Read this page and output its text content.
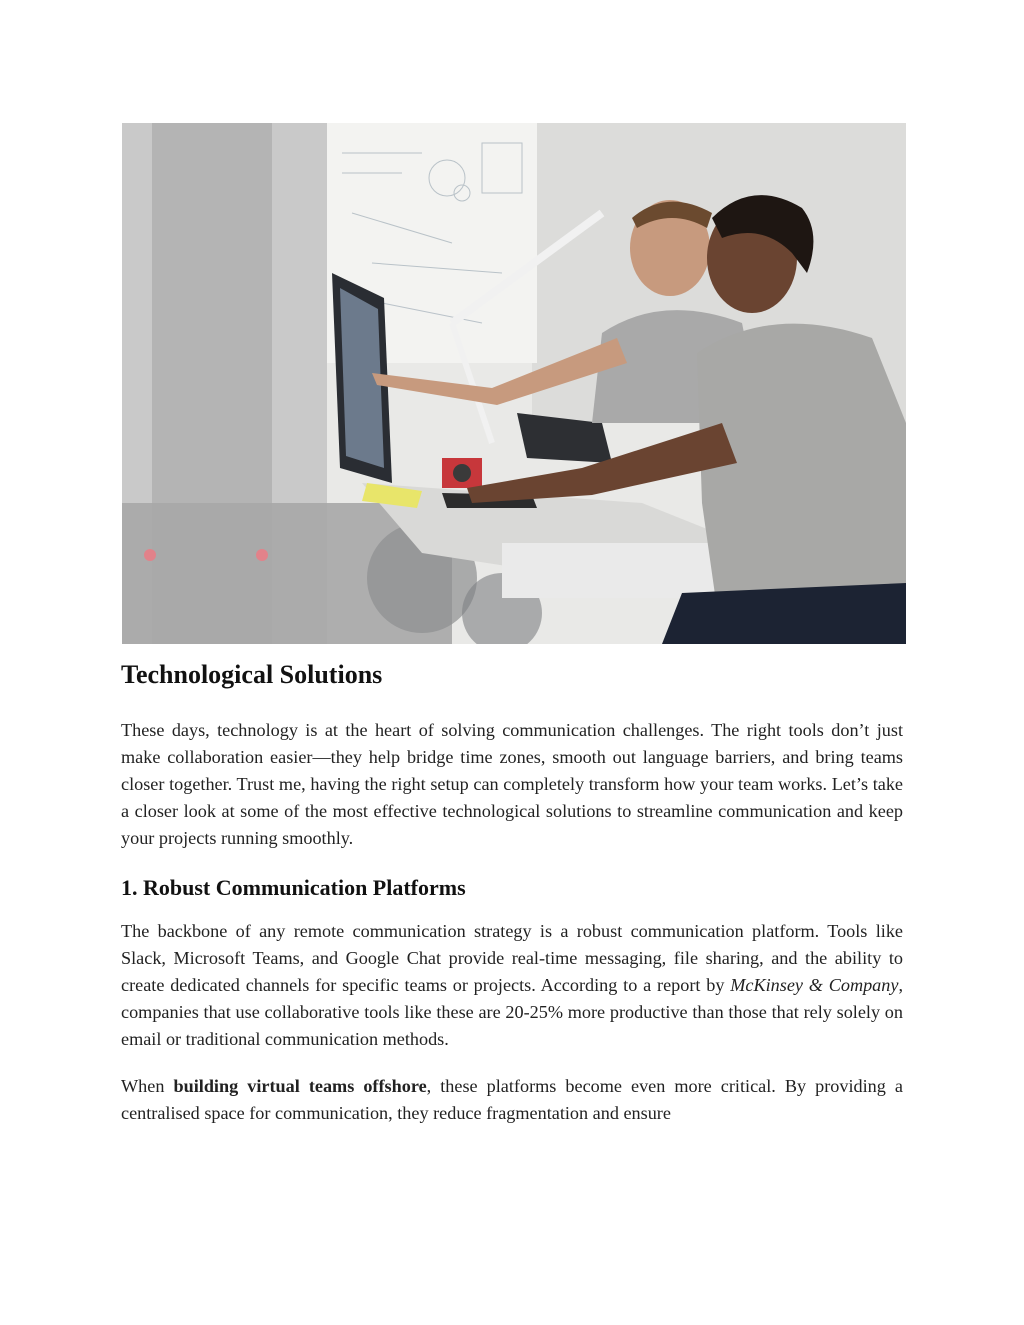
Technological Solutions

These days, technology is at the heart of solving communication challenges. The right tools don’t just make collaboration easier—they help bridge time zones, smooth out language barriers, and bring teams closer together. Trust me, having the right setup can completely transform how your team works. Let’s take a closer look at some of the most effective technological solutions to streamline communication and keep your projects running smoothly.

1. Robust Communication Platforms

The backbone of any remote communication strategy is a robust communication platform. Tools like Slack, Microsoft Teams, and Google Chat provide real-time messaging, file sharing, and the ability to create dedicated channels for specific teams or projects. According to a report by McKinsey & Company, companies that use collaborative tools like these are 20-25% more productive than those that rely solely on email or traditional communication methods.

When building virtual teams offshore, these platforms become even more critical. By providing a centralised space for communication, they reduce fragmentation and ensure
